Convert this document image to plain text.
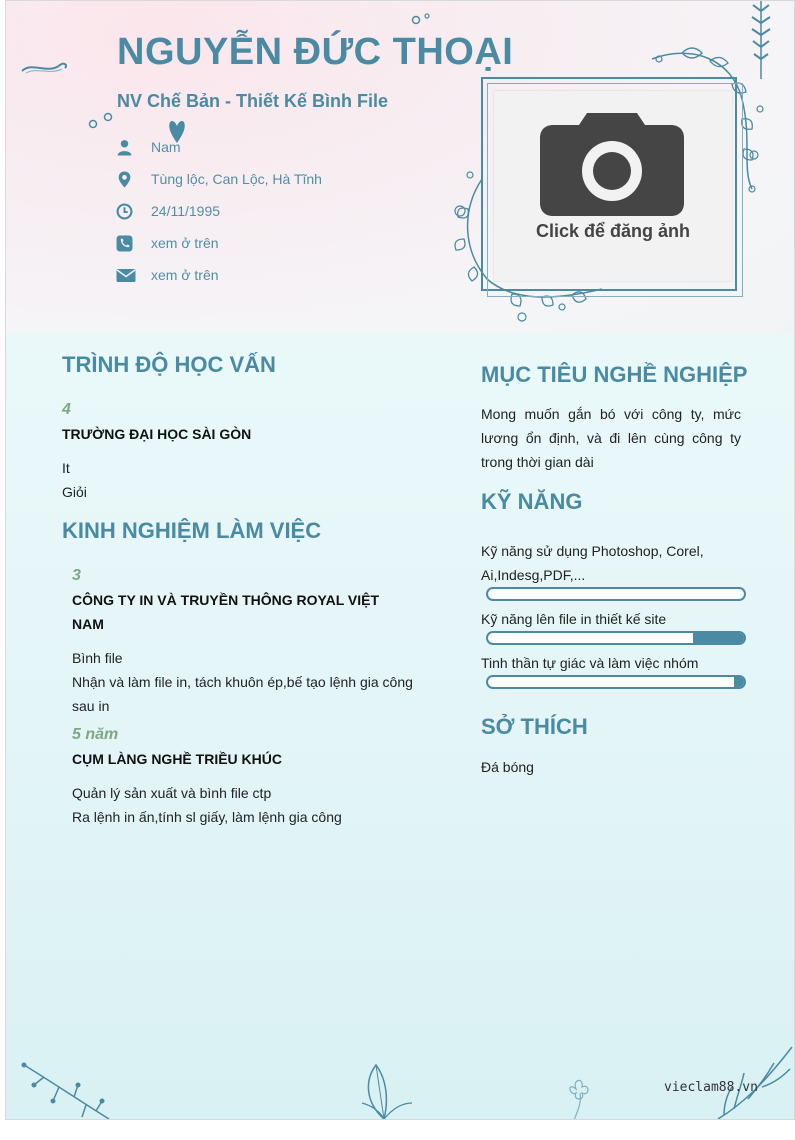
NGUYỄN ĐỨC THOẠI
NV Chế Bản - Thiết Kế Bình File
Nam
Tùng lộc, Can Lộc, Hà Tĩnh
24/11/1995
xem ở trên
xem ở trên
Click để đăng ảnh
TRÌNH ĐỘ HỌC VẤN
4
TRƯỜNG ĐẠI HỌC SÀI GÒN
It
Giỏi
KINH NGHIỆM LÀM VIỆC
3
CÔNG TY IN VÀ TRUYỀN THÔNG ROYAL VIỆT
NAM
Bình file
Nhận và làm file in, tách khuôn ép,bế tạo lệnh gia công
sau in
5 năm
CỤM LÀNG NGHỀ TRIỀU KHÚC
Quản lý sản xuất và bình file ctp
Ra lệnh in ấn,tính sl giấy, làm lệnh gia công
MỤC TIÊU NGHỀ NGHIỆP
Mong muốn gắn bó với công ty, mức
lương ổn định, và đi lên cùng công ty
trong thời gian dài
KỸ NĂNG
Kỹ năng sử dụng Photoshop, Corel,
Ai,Indesg,PDF,...
Kỹ năng lên file in thiết kế site
Tinh thần tự giác và làm việc nhóm
SỞ THÍCH
Đá bóng
vieclam88.vn
